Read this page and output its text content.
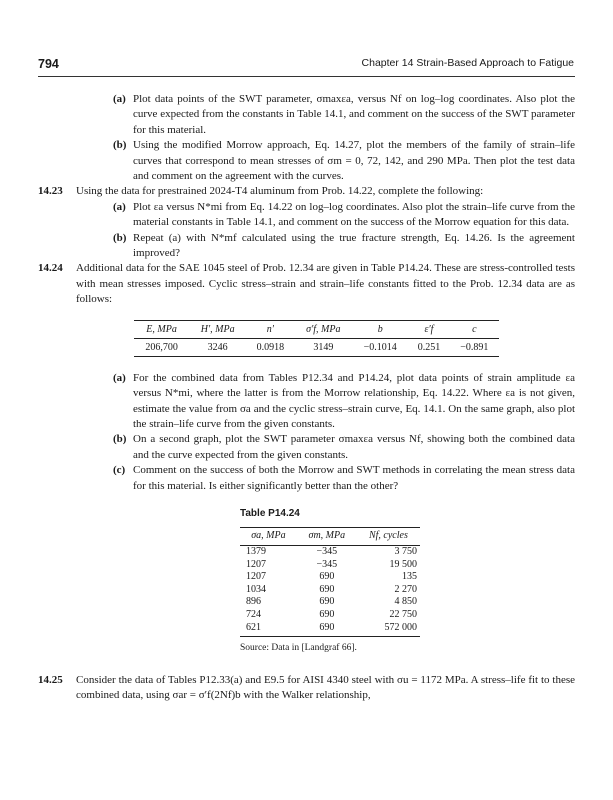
794	Chapter 14 Strain-Based Approach to Fatigue

(a) Plot data points of the SWT parameter, σmaxεa, versus Nf on log–log coordinates. Also plot the curve expected from the constants in Table 14.1, and comment on the success of the SWT parameter for this material.

(b) Using the modified Morrow approach, Eq. 14.27, plot the members of the family of strain–life curves that correspond to mean stresses of σm = 0, 72, 142, and 290 MPa. Then plot the test data and comment on the agreement with the curves.

14.23 Using the data for prestrained 2024-T4 aluminum from Prob. 14.22, complete the following:

(a) Plot εa versus N*mi from Eq. 14.22 on log–log coordinates. Also plot the strain–life curve from the material constants in Table 14.1, and comment on the success of the Morrow equation for this data.

(b) Repeat (a) with N*mf calculated using the true fracture strength, Eq. 14.26. Is the agreement improved?

14.24 Additional data for the SAE 1045 steel of Prob. 12.34 are given in Table P14.24. These are stress-controlled tests with mean stresses imposed. Cyclic stress–strain and strain–life constants fitted to the Prob. 12.34 data are as follows:

E, MPa	H′, MPa	n′	σ′f, MPa	b	ε′f	c
206,700	3246	0.0918	3149	−0.1014	0.251	−0.891

(a) For the combined data from Tables P12.34 and P14.24, plot data points of strain amplitude εa versus N*mi, where the latter is from the Morrow relationship, Eq. 14.22. Where εa is not given, estimate the value from σa and the cyclic stress–strain curve, Eq. 14.1. On the same graph, also plot the strain–life curve from the given constants.

(b) On a second graph, plot the SWT parameter σmaxεa versus Nf, showing both the combined data and the curve expected from the given constants.

(c) Comment on the success of both the Morrow and SWT methods in correlating the mean stress data for this material. Is either significantly better than the other?

Table P14.24
σa, MPa	σm, MPa	Nf, cycles
1379	−345	3 750
1207	−345	19 500
1207	690	135
1034	690	2 270
896	690	4 850
724	690	22 750
621	690	572 000
Source: Data in [Landgraf 66].

14.25 Consider the data of Tables P12.33(a) and E9.5 for AISI 4340 steel with σu = 1172 MPa. A stress–life fit to these combined data, using σar = σ′f(2Nf)b with the Walker relationship,
